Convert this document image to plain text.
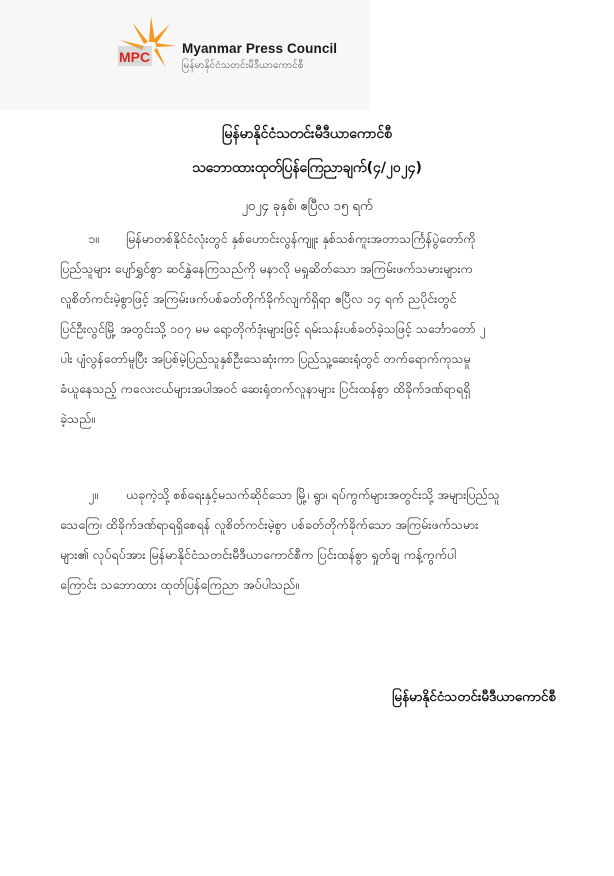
MPC
Myanmar Press Council
မြန်မာနိုင်ငံသတင်းမီဒီယာကောင်စီ
မြန်မာနိုင်ငံသတင်းမီဒီယာကောင်စီ
သဘောထားထုတ်ပြန်ကြေညာချက်(၄/၂၀၂၄)
၂၀၂၄ ခုနှစ်၊ ဧပြီလ ၁၅ ရက်
၁။ မြန်မာတစ်နိုင်ငံလုံးတွင် နှစ်ဟောင်းလွန်ကျူး နှစ်သစ်ကူးအတာသင်္ကြန်ပွဲတော်ကို
ပြည်သူများ ပျော်ရွှင်စွာ ဆင်နွှဲနေကြသည်ကို မနာလို မရှုဆိတ်သော အကြမ်းဖက်သမားများက
လူစိတ်ကင်းမဲ့စွာဖြင့် အကြမ်းဖက်ပစ်ခတ်တိုက်ခိုက်လျက်ရှိရာ ဧပြီလ ၁၄ ရက် ညပိုင်းတွင်
ပြင်ဦးလွင်မြို့ အတွင်းသို့ ၁၀၇ မမ ရော့တိုက်ဒုံးများဖြင့် ရမ်းသန်းပစ်ခတ်ခဲ့သဖြင့် သင်္ဘောတော် ၂
ပါး ပျံလွန်တော်မူပြီး အပြစ်မဲ့ပြည်သူနှစ်ဦးသေဆုံးကာ ပြည်သူ့ဆေးရုံတွင် တက်ရောက်ကုသမှု
ခံယူနေသည့် ကလေးငယ်များအပါအဝင် ဆေးရုံတက်လူနာများ ပြင်းထန်စွာ ထိခိုက်ဒဏ်ရာရရှိ
ခဲ့သည်။
၂။ ယခုကဲ့သို့ စစ်ရေးနှင့်မသက်ဆိုင်သော မြို့၊ ရွာ၊ ရပ်ကွက်များအတွင်းသို့ အများပြည်သူ
သေကြေ၊ ထိခိုက်ဒဏ်ရာရရှိစေရန် လူစိတ်ကင်းမဲ့စွာ ပစ်ခတ်တိုက်ခိုက်သော အကြမ်းဖက်သမား
များ၏ လုပ်ရပ်အား မြန်မာနိုင်ငံသတင်းမီဒီယာကောင်စီက ပြင်းထန်စွာ ရှုတ်ချ ကန့်ကွက်ပါ
ကြောင်း သဘောထား ထုတ်ပြန်ကြေညာ အပ်ပါသည်။
မြန်မာနိုင်ငံသတင်းမီဒီယာကောင်စီ
